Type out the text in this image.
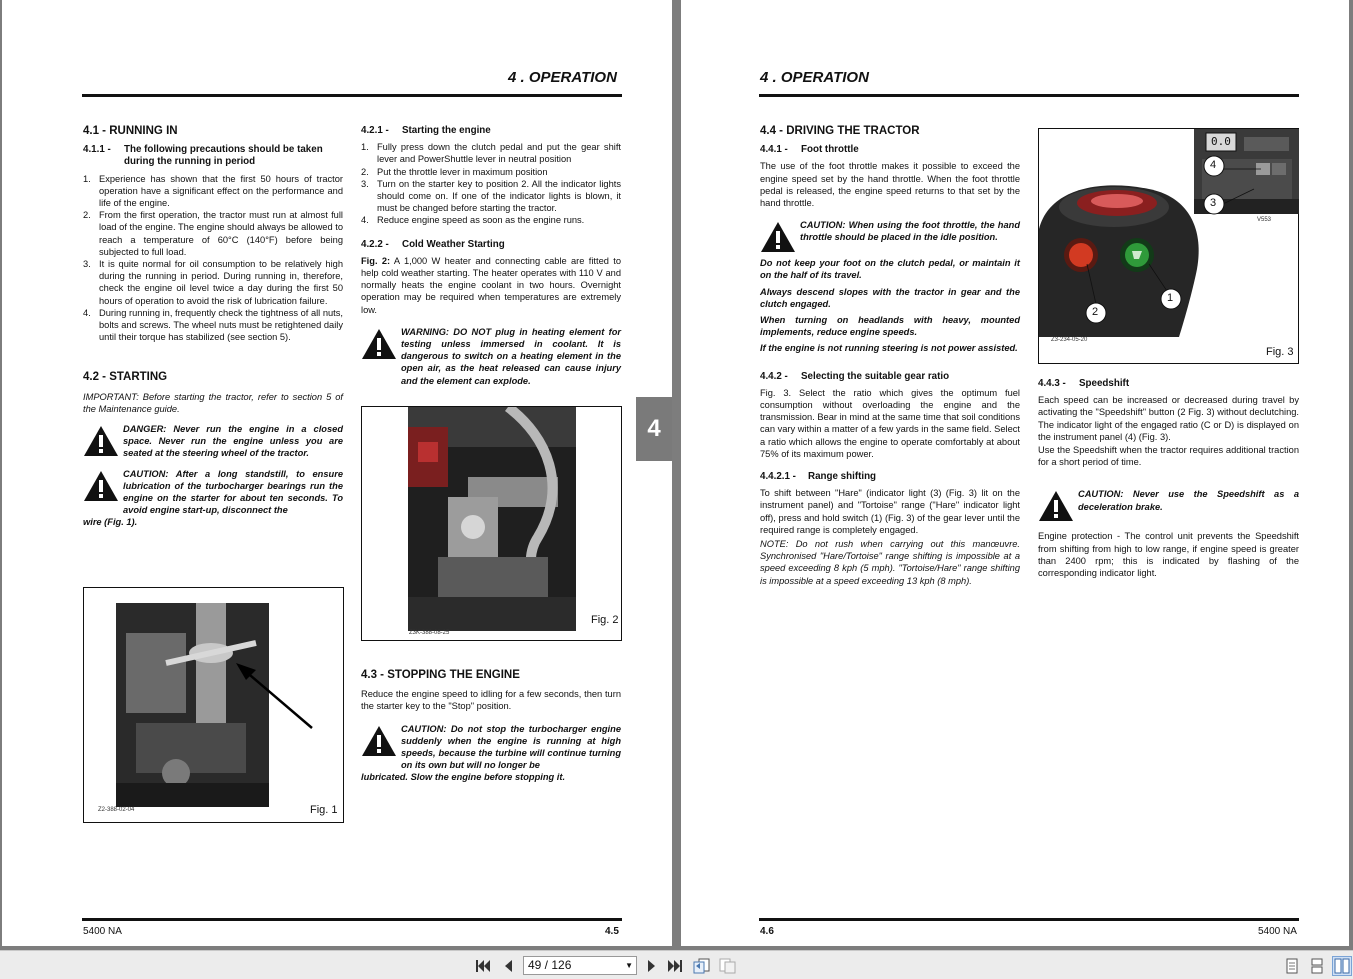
4 . OPERATION
4.1 - RUNNING IN
4.1.1 -	The following precautions should be taken during the running in period
1. Experience has shown that the first 50 hours of tractor operation have a significant effect on the performance and life of the engine.
2. From the first operation, the tractor must run at almost full load of the engine. The engine should always be allowed to reach a temperature of 60°C (140°F) before being subjected to full load.
3. It is quite normal for oil consumption to be relatively high during the running in period. During running in, therefore, check the engine oil level twice a day during the first 50 hours of operation to avoid the risk of lubrication failure.
4. During running in, frequently check the tightness of all nuts, bolts and screws. The wheel nuts must be retightened daily until their torque has stabilized (see section 5).
4.2 - STARTING

IMPORTANT: Before starting the tractor, refer to section 5 of the Maintenance guide.

DANGER: Never run the engine in a closed space. Never run the engine unless you are seated at the steering wheel of the tractor.
CAUTION: After a long standstill, to ensure lubrication of the turbocharger bearings run the engine on the starter for about ten seconds. To avoid engine start-up, disconnect the
wire (Fig. 1).
Z2-388-02-04	Fig. 1
4.2.1 -	Starting the engine
1. Fully press down the clutch pedal and put the gear shift lever and PowerShuttle lever in neutral position
2. Put the throttle lever in maximum position
3. Turn on the starter key to position 2. All the indicator lights should come on. If one of the indicator lights is blown, it must be changed before starting the tractor.
4. Reduce engine speed as soon as the engine runs.
4.2.2 -	Cold Weather Starting

Fig. 2: A 1,000 W heater and connecting cable are fitted to help cold weather starting. The heater operates with 110 V and normally heats the engine coolant in two hours. Overnight operation may be required when temperatures are extremely low.

WARNING: DO NOT plug in heating element for testing unless immersed in coolant. It is dangerous to switch on a heating element in the open air, as the heat released can cause injury and the element can explode.
Z3K-388-08-25
Fig. 2
4.3 - STOPPING THE ENGINE

Reduce the engine speed to idling for a few seconds, then turn the starter key to the "Stop" position.

CAUTION: Do not stop the turbocharger engine suddenly when the engine is running at high speeds, because the turbine will continue turning on its own but will no longer be
lubricated. Slow the engine before stopping it.
5400 NA	4.5
4
4 . OPERATION
4.4 - DRIVING THE TRACTOR
4.4.1 -	Foot throttle

The use of the foot throttle makes it possible to exceed the engine speed set by the hand throttle. When the foot throttle pedal is released, the engine speed returns to that set by the hand throttle.

CAUTION: When using the foot throttle, the hand throttle should be placed in the idle position.

Do not keep your foot on the clutch pedal, or maintain it on the half of its travel.

Always descend slopes with the tractor in gear and the clutch engaged.

When turning on headlands with heavy, mounted implements, reduce engine speeds.

If the engine is not running steering is not power assisted.

4.4.2 -	Selecting the suitable gear ratio

Fig. 3. Select the ratio which gives the optimum fuel consumption without overloading the engine and the transmission. Bear in mind at the same time that soil conditions can vary within a matter of a few yards in the same field. Select a ratio which allows the engine to operate comfortably at about 75% of its maximum power.

4.4.2.1 -	Range shifting

To shift between "Hare" (indicator light (3) (Fig. 3) lit on the instrument panel) and "Tortoise" range ("Hare" indicator light off), press and hold switch (1) (Fig. 3) of the gear lever until the required range is completely engaged.

NOTE: Do not rush when carrying out this manœuvre. Synchronised "Hare/Tortoise" range shifting is impossible at a speed exceeding 8 kph (5 mph). "Tortoise/Hare" range shifting is impossible at a speed exceeding 13 kph (8 mph).

0.0
V553
4
3
1
2
Z3-234-05-20
Fig. 3
4.4.3 -	Speedshift

Each speed can be increased or decreased during travel by activating the "Speedshift" button (2 Fig. 3) without declutching. The indicator light of the engaged ratio (C or D) is displayed on the instrument panel (4) (Fig. 3).

Use the Speedshift when the tractor requires additional traction for a short period of time.

CAUTION: Never use the Speedshift as a deceleration brake.

Engine protection - The control unit prevents the Speedshift from shifting from high to low range, if engine speed is greater than 2400 rpm; this is indicated by flashing of the corresponding indicator light.

4.6	5400 NA
49 / 126	▼
